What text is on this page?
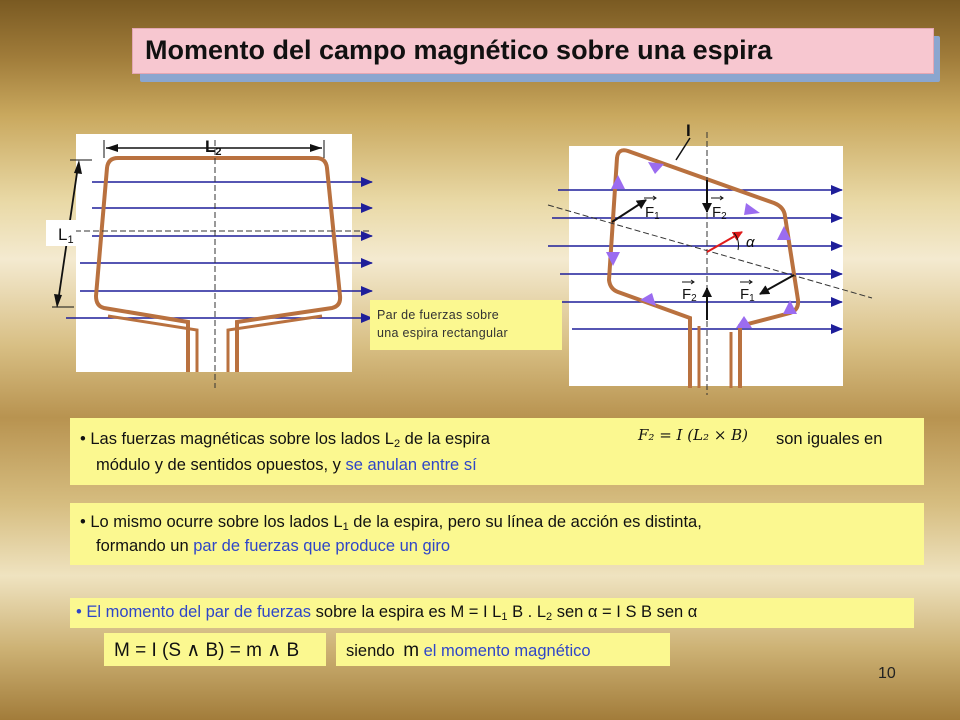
Momento del campo magnético sobre una espira
L2
L1
I
F1	F2
α
F2	F1
Par de fuerzas sobre
una espira rectangular
• Las fuerzas magnéticas sobre los lados $L_2$ de la espira	F₂ = I (L₂ × B) son iguales en
módulo y de sentidos opuestos, y se anulan entre sí
• Lo mismo ocurre sobre los lados $L_1$ de la espira, pero su línea de acción es distinta,
formando un par de fuerzas que produce un giro
• El momento del par de fuerzas sobre la espira es M = I $L_1$ B . $L_2$ sen α = I S B sen α
M = I (S ∧ B) = m ∧ B	siendo m el momento magnético
10
